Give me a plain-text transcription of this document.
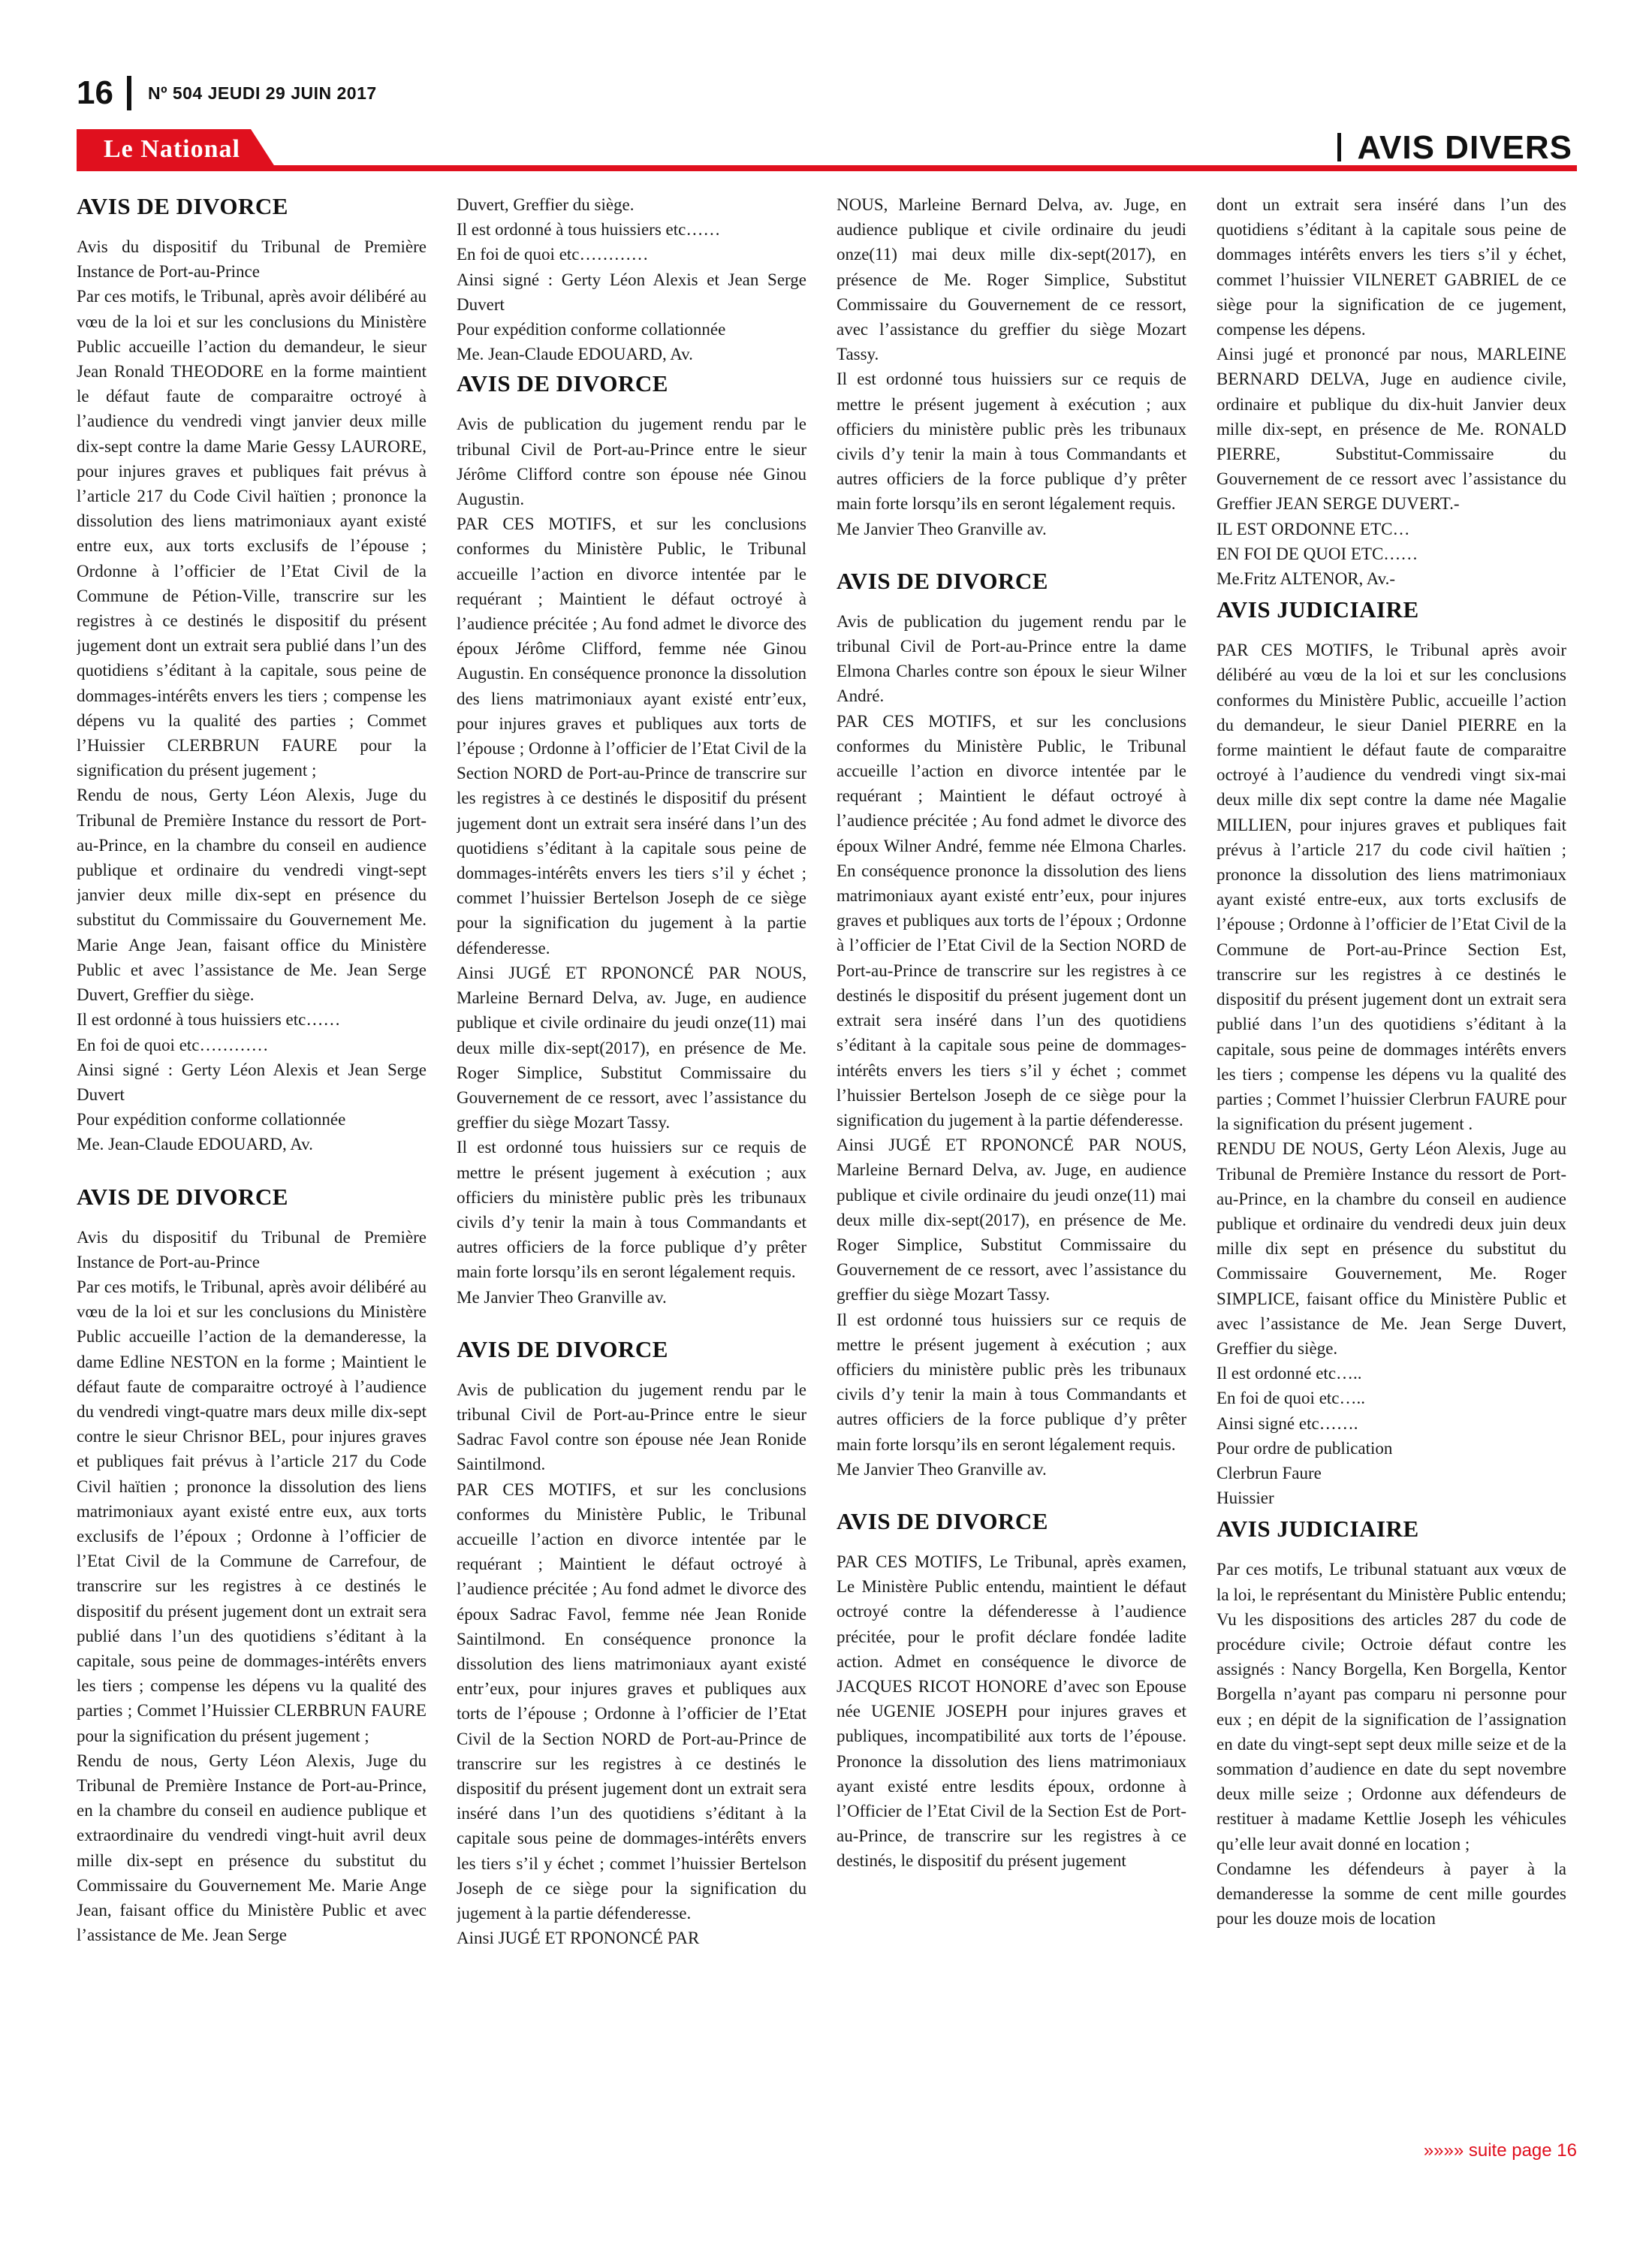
16 Nº 504 JEUDI 29 JUIN 2017
Le National	AVIS DIVERS
AVIS DE DIVORCE

Avis du dispositif du Tribunal de Première Instance de Port-au-Prince

Par ces motifs, le Tribunal, après avoir délibéré au vœu de la loi et sur les conclusions du Ministère Public accueille l’action du demandeur, le sieur Jean Ronald THEODORE en la forme maintient le défaut faute de comparaitre octroyé à l’audience du vendredi vingt janvier deux mille dix-sept contre la dame Marie Gessy LAURORE, pour injures graves et publiques fait prévus à l’article 217 du Code Civil haïtien ; prononce la dissolution des liens matrimoniaux ayant existé entre eux, aux torts exclusifs de l’épouse ; Ordonne à l’officier de l’Etat Civil de la Commune de Pétion-Ville, transcrire sur les registres à ce destinés le dispositif du présent jugement dont un extrait sera publié dans l’un des quotidiens s’éditant à la capitale, sous peine de dommages-intérêts envers les tiers ; compense les dépens vu la qualité des parties ; Commet l’Huissier CLERBRUN FAURE pour la signification du présent jugement ;

Rendu de nous, Gerty Léon Alexis, Juge du Tribunal de Première Instance du ressort de Port-au-Prince, en la chambre du conseil en audience publique et ordinaire du vendredi vingt-sept janvier deux mille dix-sept en présence du substitut du Commissaire du Gouvernement Me. Marie Ange Jean, faisant office du Ministère Public et avec l’assistance de Me. Jean Serge Duvert, Greffier du siège.

Il est ordonné à tous huissiers etc……

En foi de quoi etc…………

Ainsi signé : Gerty Léon Alexis et Jean Serge Duvert

Pour expédition conforme collationnée

Me. Jean-Claude EDOUARD, Av.

AVIS DE DIVORCE

Avis du dispositif du Tribunal de Première Instance de Port-au-Prince

Par ces motifs, le Tribunal, après avoir délibéré au vœu de la loi et sur les conclusions du Ministère Public accueille l’action de la demanderesse, la dame Edline NESTON en la forme ; Maintient le défaut faute de comparaitre octroyé à l’audience du vendredi vingt-quatre mars deux mille dix-sept contre le sieur Chrisnor BEL, pour injures graves et publiques fait prévus à l’article 217 du Code Civil haïtien ; prononce la dissolution des liens matrimoniaux ayant existé entre eux, aux torts exclusifs de l’époux ; Ordonne à l’officier de l’Etat Civil de la Commune de Carrefour, de transcrire sur les registres à ce destinés le dispositif du présent jugement dont un extrait sera publié dans l’un des quotidiens s’éditant à la capitale, sous peine de dommages-intérêts envers les tiers ; compense les dépens vu la qualité des parties ; Commet l’Huissier CLERBRUN FAURE pour la signification du présent jugement ;

Rendu de nous, Gerty Léon Alexis, Juge du Tribunal de Première Instance de Port-au-Prince, en la chambre du conseil en audience publique et extraordinaire du vendredi vingt-huit avril deux mille dix-sept en présence du substitut du Commissaire du Gouvernement Me. Marie Ange Jean, faisant office du Ministère Public et avec l’assistance de Me. Jean Serge

Duvert, Greffier du siège.

Il est ordonné à tous huissiers etc……

En foi de quoi etc…………

Ainsi signé : Gerty Léon Alexis et Jean Serge Duvert

Pour expédition conforme collationnée

Me. Jean-Claude EDOUARD, Av.

AVIS DE DIVORCE

Avis de publication du jugement rendu par le tribunal Civil de Port-au-Prince entre le sieur Jérôme Clifford contre son épouse née Ginou Augustin.

PAR CES MOTIFS, et sur les conclusions conformes du Ministère Public, le Tribunal accueille l’action en divorce intentée par le requérant ; Maintient le défaut octroyé à l’audience précitée ; Au fond admet le divorce des époux Jérôme Clifford, femme née Ginou Augustin. En conséquence prononce la dissolution des liens matrimoniaux ayant existé entr’eux, pour injures graves et publiques aux torts de l’épouse ; Ordonne à l’officier de l’Etat Civil de la Section NORD de Port-au-Prince de transcrire sur les registres à ce destinés le dispositif du présent jugement dont un extrait sera inséré dans l’un des quotidiens s’éditant à la capitale sous peine de dommages-intérêts envers les tiers s’il y échet ; commet l’huissier Bertelson Joseph de ce siège pour la signification du jugement à la partie défenderesse.

Ainsi JUGÉ ET RPONONCÉ PAR NOUS, Marleine Bernard Delva, av. Juge, en audience publique et civile ordinaire du jeudi onze(11) mai deux mille dix-sept(2017), en présence de Me. Roger Simplice, Substitut Commissaire du Gouvernement de ce ressort, avec l’assistance du greffier du siège Mozart Tassy.

Il est ordonné tous huissiers sur ce requis de mettre le présent jugement à exécution ; aux officiers du ministère public près les tribunaux civils d’y tenir la main à tous Commandants et autres officiers de la force publique d’y prêter main forte lorsqu’ils en seront légalement requis.

Me Janvier Theo Granville av.

AVIS DE DIVORCE

Avis de publication du jugement rendu par le tribunal Civil de Port-au-Prince entre le sieur Sadrac Favol contre son épouse née Jean Ronide Saintilmond.

PAR CES MOTIFS, et sur les conclusions conformes du Ministère Public, le Tribunal accueille l’action en divorce intentée par le requérant ; Maintient le défaut octroyé à l’audience précitée ; Au fond admet le divorce des époux Sadrac Favol, femme née Jean Ronide Saintilmond. En conséquence prononce la dissolution des liens matrimoniaux ayant existé entr’eux, pour injures graves et publiques aux torts de l’épouse ; Ordonne à l’officier de l’Etat Civil de la Section NORD de Port-au-Prince de transcrire sur les registres à ce destinés le dispositif du présent jugement dont un extrait sera inséré dans l’un des quotidiens s’éditant à la capitale sous peine de dommages-intérêts envers les tiers s’il y échet ; commet l’huissier Bertelson Joseph de ce siège pour la signification du jugement à la partie défenderesse.

Ainsi JUGÉ ET RPONONCÉ PAR

NOUS, Marleine Bernard Delva, av. Juge, en audience publique et civile ordinaire du jeudi onze(11) mai deux mille dix-sept(2017), en présence de Me. Roger Simplice, Substitut Commissaire du Gouvernement de ce ressort, avec l’assistance du greffier du siège Mozart Tassy.

Il est ordonné tous huissiers sur ce requis de mettre le présent jugement à exécution ; aux officiers du ministère public près les tribunaux civils d’y tenir la main à tous Commandants et autres officiers de la force publique d’y prêter main forte lorsqu’ils en seront légalement requis.

Me Janvier Theo Granville av.

AVIS DE DIVORCE

Avis de publication du jugement rendu par le tribunal Civil de Port-au-Prince entre la dame Elmona Charles contre son époux le sieur Wilner André.

PAR CES MOTIFS, et sur les conclusions conformes du Ministère Public, le Tribunal accueille l’action en divorce intentée par le requérant ; Maintient le défaut octroyé à l’audience précitée ; Au fond admet le divorce des époux Wilner André, femme née Elmona Charles. En conséquence prononce la dissolution des liens matrimoniaux ayant existé entr’eux, pour injures graves et publiques aux torts de l’époux ; Ordonne à l’officier de l’Etat Civil de la Section NORD de Port-au-Prince de transcrire sur les registres à ce destinés le dispositif du présent jugement dont un extrait sera inséré dans l’un des quotidiens s’éditant à la capitale sous peine de dommages-intérêts envers les tiers s’il y échet ; commet l’huissier Bertelson Joseph de ce siège pour la signification du jugement à la partie défenderesse.

Ainsi JUGÉ ET RPONONCÉ PAR NOUS, Marleine Bernard Delva, av. Juge, en audience publique et civile ordinaire du jeudi onze(11) mai deux mille dix-sept(2017), en présence de Me. Roger Simplice, Substitut Commissaire du Gouvernement de ce ressort, avec l’assistance du greffier du siège Mozart Tassy.

Il est ordonné tous huissiers sur ce requis de mettre le présent jugement à exécution ; aux officiers du ministère public près les tribunaux civils d’y tenir la main à tous Commandants et autres officiers de la force publique d’y prêter main forte lorsqu’ils en seront légalement requis.

Me Janvier Theo Granville av.

AVIS DE DIVORCE

PAR CES MOTIFS, Le Tribunal, après examen, Le Ministère Public entendu, maintient le défaut octroyé contre la défenderesse à l’audience précitée, pour le profit déclare fondée ladite action. Admet en conséquence le divorce de JACQUES RICOT HONORE d’avec son Epouse née UGENIE JOSEPH pour injures graves et publiques, incompatibilité aux torts de l’épouse. Prononce la dissolution des liens matrimoniaux ayant existé entre lesdits époux, ordonne à l’Officier de l’Etat Civil de la Section Est de Port-au-Prince, de transcrire sur les registres à ce destinés, le dispositif du présent jugement

dont un extrait sera inséré dans l’un des quotidiens s’éditant à la capitale sous peine de dommages intérêts envers les tiers s’il y échet, commet l’huissier VILNERET GABRIEL de ce siège pour la signification de ce jugement, compense les dépens.

Ainsi jugé et prononcé par nous, MARLEINE BERNARD DELVA, Juge en audience civile, ordinaire et publique du dix-huit Janvier deux mille dix-sept, en présence de Me. RONALD PIERRE, Substitut-Commissaire du Gouvernement de ce ressort avec l’assistance du Greffier JEAN SERGE DUVERT.-

IL EST ORDONNE ETC…

EN FOI DE QUOI ETC……

Me.Fritz ALTENOR, Av.-

AVIS JUDICIAIRE

PAR CES MOTIFS, le Tribunal après avoir délibéré au vœu de la loi et sur les conclusions conformes du Ministère Public, accueille l’action du demandeur, le sieur Daniel PIERRE en la forme maintient le défaut faute de comparaitre octroyé à l’audience du vendredi vingt six-mai deux mille dix sept contre la dame née Magalie MILLIEN, pour injures graves et publiques fait prévus à l’article 217 du code civil haïtien ; prononce la dissolution des liens matrimoniaux ayant existé entre-eux, aux torts exclusifs de l’épouse ; Ordonne à l’officier de l’Etat Civil de la Commune de Port-au-Prince Section Est, transcrire sur les registres à ce destinés le dispositif du présent jugement dont un extrait sera publié dans l’un des quotidiens s’éditant à la capitale, sous peine de dommages intérêts envers les tiers ; compense les dépens vu la qualité des parties ; Commet l’huissier Clerbrun FAURE pour la signification du présent jugement .

RENDU DE NOUS, Gerty Léon Alexis, Juge au Tribunal de Première Instance du ressort de Port-au-Prince, en la chambre du conseil en audience publique et ordinaire du vendredi deux juin deux mille dix sept en présence du substitut du Commissaire Gouvernement, Me. Roger SIMPLICE, faisant office du Ministère Public et avec l’assistance de Me. Jean Serge Duvert, Greffier du siège.

Il est ordonné etc…..

En foi de quoi etc…..

Ainsi signé etc…….

Pour ordre de publication

Clerbrun Faure

Huissier

AVIS JUDICIAIRE

Par ces motifs, Le tribunal statuant aux vœux de la loi, le représentant du Ministère Public entendu; Vu les dispositions des articles 287 du code de procédure civile; Octroie défaut contre les assignés : Nancy Borgella, Ken Borgella, Kentor Borgella n’ayant pas comparu ni personne pour eux ; en dépit de la signification de l’assignation en date du vingt-sept sept deux mille seize et de la sommation d’audience en date du sept novembre deux mille seize ; Ordonne aux défendeurs de restituer à madame Kettlie Joseph les véhicules qu’elle leur avait donné en location ;

Condamne les défendeurs à payer à la demanderesse la somme de cent mille gourdes pour les douze mois de location

»»»» suite page 16
